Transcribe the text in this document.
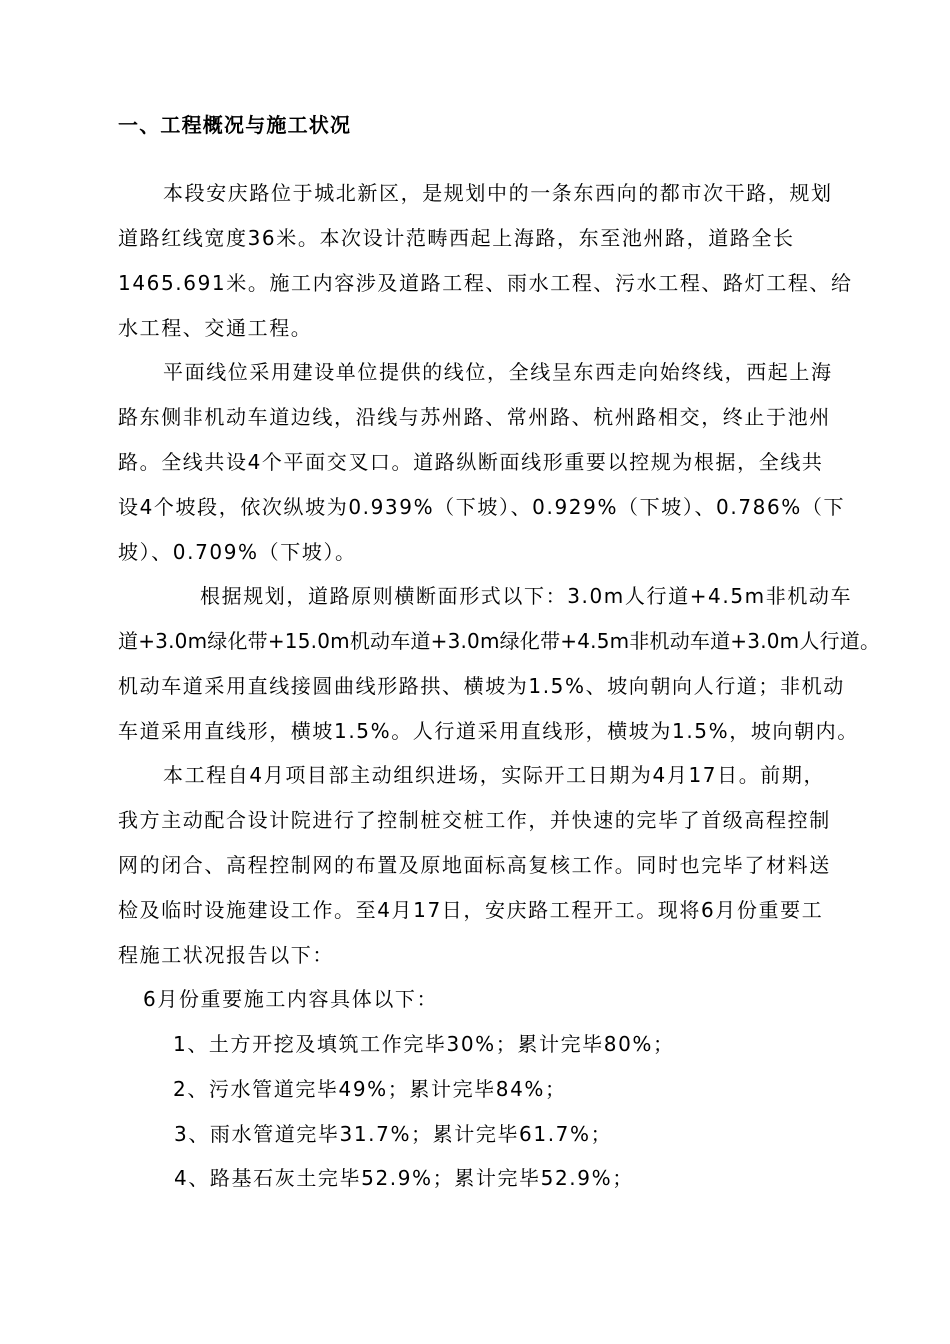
一、工程概况与施工状况
本段安庆路位于城北新区，是规划中的一条东西向的都市次干路，规划
道路红线宽度36米。本次设计范畴西起上海路，东至池州路，道路全长
1465.691米。施工内容涉及道路工程、雨水工程、污水工程、路灯工程、给
水工程、交通工程。
平面线位采用建设单位提供的线位，全线呈东西走向始终线，西起上海
路东侧非机动车道边线，沿线与苏州路、常州路、杭州路相交，终止于池州
路。全线共设4个平面交叉口。道路纵断面线形重要以控规为根据，全线共
设4个坡段，依次纵坡为0.939%（下坡）、0.929%（下坡）、0.786%（下
坡）、0.709%（下坡）。
根据规划，道路原则横断面形式以下：3.0m人行道+4.5m非机动车
道+3.0m绿化带+15.0m机动车道+3.0m绿化带+4.5m非机动车道+3.0m人行道。
机动车道采用直线接圆曲线形路拱、横坡为1.5%、坡向朝向人行道；非机动
车道采用直线形，横坡1.5%。人行道采用直线形，横坡为1.5%，坡向朝内。
本工程自4月项目部主动组织进场，实际开工日期为4月17日。前期，
我方主动配合设计院进行了控制桩交桩工作，并快速的完毕了首级高程控制
网的闭合、高程控制网的布置及原地面标高复核工作。同时也完毕了材料送
检及临时设施建设工作。至4月17日，安庆路工程开工。现将6月份重要工
程施工状况报告以下：
6月份重要施工内容具体以下：
1、土方开挖及填筑工作完毕30%；累计完毕80%；
2、污水管道完毕49%；累计完毕84%；
3、雨水管道完毕31.7%；累计完毕61.7%；
4、路基石灰土完毕52.9%；累计完毕52.9%；
